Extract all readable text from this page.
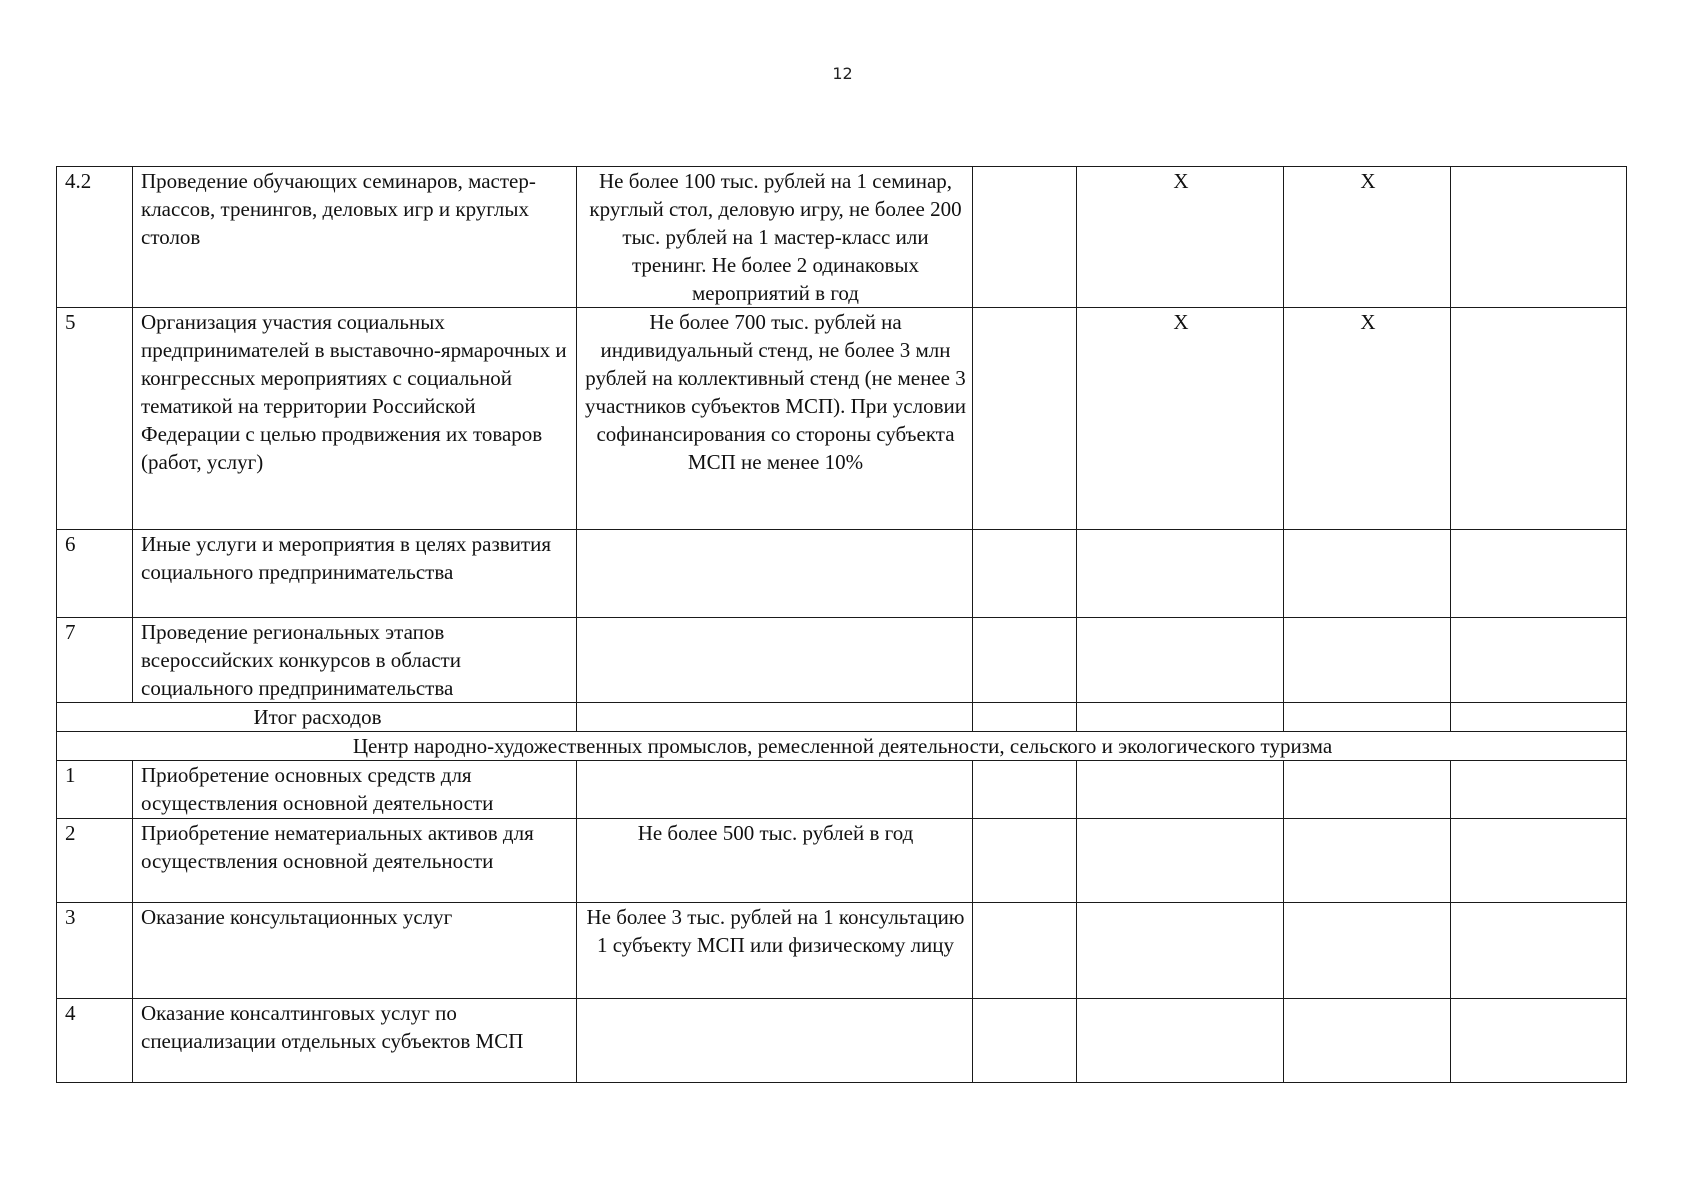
12
4.2	Проведение обучающих семинаров, мастер-классов, тренингов, деловых игр и круглых столов	Не более 100 тыс. рублей на 1 семинар, круглый стол, деловую игру, не более 200 тыс. рублей на 1 мастер-класс или тренинг. Не более 2 одинаковых мероприятий в год		X	X	
5	Организация участия социальных предпринимателей в выставочно-ярмарочных и конгрессных мероприятиях с социальной тематикой на территории Российской Федерации с целью продвижения их товаров (работ, услуг)	Не более 700 тыс. рублей на индивидуальный стенд, не более 3 млн рублей на коллективный стенд (не менее 3 участников субъектов МСП). При условии софинансирования со стороны субъекта МСП не менее 10%		X	X	
6	Иные услуги и мероприятия в целях развития социального предпринимательства					
7	Проведение региональных этапов всероссийских конкурсов в области социального предпринимательства					
Итог расходов						
Центр народно-художественных промыслов, ремесленной деятельности, сельского и экологического туризма						
1	Приобретение основных средств для осуществления основной деятельности					
2	Приобретение нематериальных активов для осуществления основной деятельности	Не более 500 тыс. рублей в год				
3	Оказание консультационных услуг	Не более 3 тыс. рублей на 1 консультацию 1 субъекту МСП или физическому лицу				
4	Оказание консалтинговых услуг по специализации отдельных субъектов МСП					
